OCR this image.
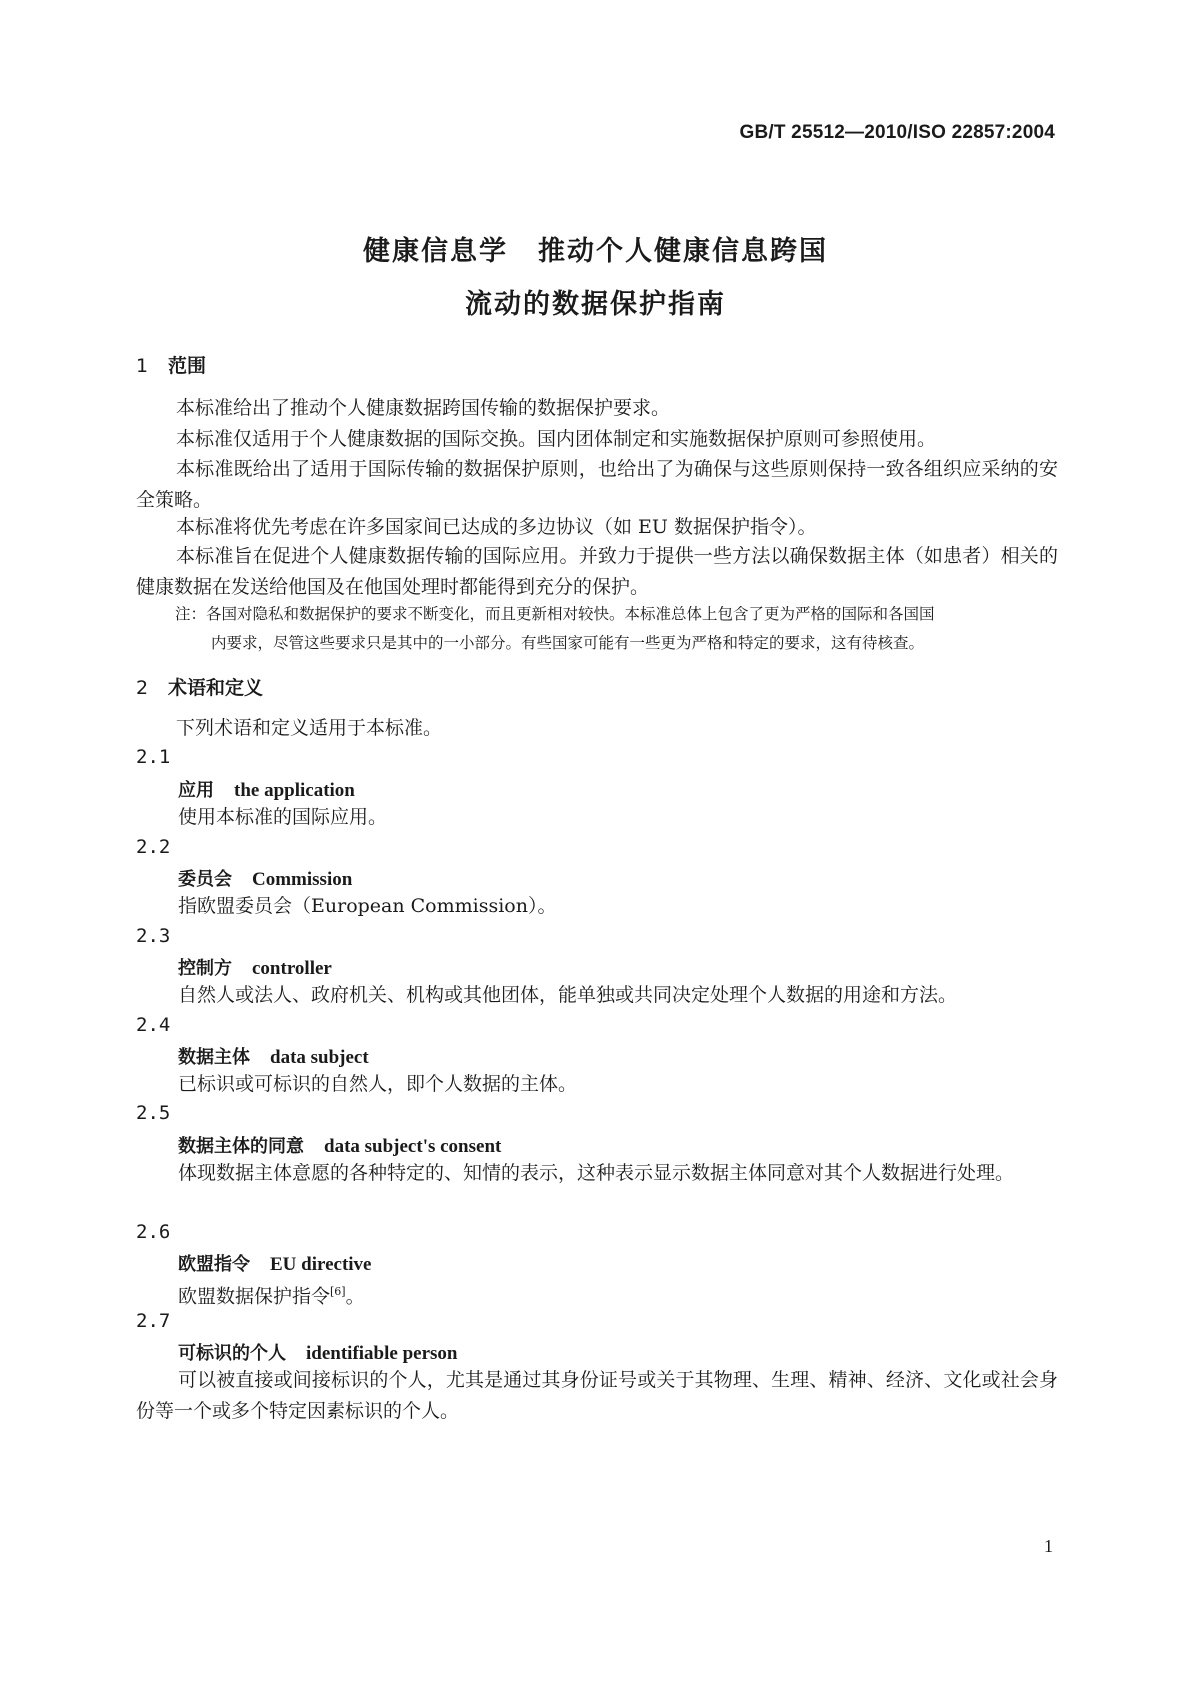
GB/T 25512—2010/ISO 22857:2004
健康信息学 推动个人健康信息跨国
流动的数据保护指南
1 范围
本标准给出了推动个人健康数据跨国传输的数据保护要求。
本标准仅适用于个人健康数据的国际交换。国内团体制定和实施数据保护原则可参照使用。
本标准既给出了适用于国际传输的数据保护原则，也给出了为确保与这些原则保持一致各组织应采纳的安全策略。
本标准将优先考虑在许多国家间已达成的多边协议（如 EU 数据保护指令）。
本标准旨在促进个人健康数据传输的国际应用。并致力于提供一些方法以确保数据主体（如患者）相关的健康数据在发送给他国及在他国处理时都能得到充分的保护。
注：各国对隐私和数据保护的要求不断变化，而且更新相对较快。本标准总体上包含了更为严格的国际和各国国
内要求，尽管这些要求只是其中的一小部分。有些国家可能有一些更为严格和特定的要求，这有待核查。
2 术语和定义
下列术语和定义适用于本标准。
2.1
应用 the application
使用本标准的国际应用。
2.2
委员会 Commission
指欧盟委员会（European Commission）。
2.3
控制方 controller
自然人或法人、政府机关、机构或其他团体，能单独或共同决定处理个人数据的用途和方法。
2.4
数据主体 data subject
已标识或可标识的自然人，即个人数据的主体。
2.5
数据主体的同意 data subject's consent
体现数据主体意愿的各种特定的、知情的表示，这种表示显示数据主体同意对其个人数据进行处理。
2.6
欧盟指令 EU directive
欧盟数据保护指令[6]。
2.7
可标识的个人 identifiable person
可以被直接或间接标识的个人，尤其是通过其身份证号或关于其物理、生理、精神、经济、文化或社会身份等一个或多个特定因素标识的个人。
1
